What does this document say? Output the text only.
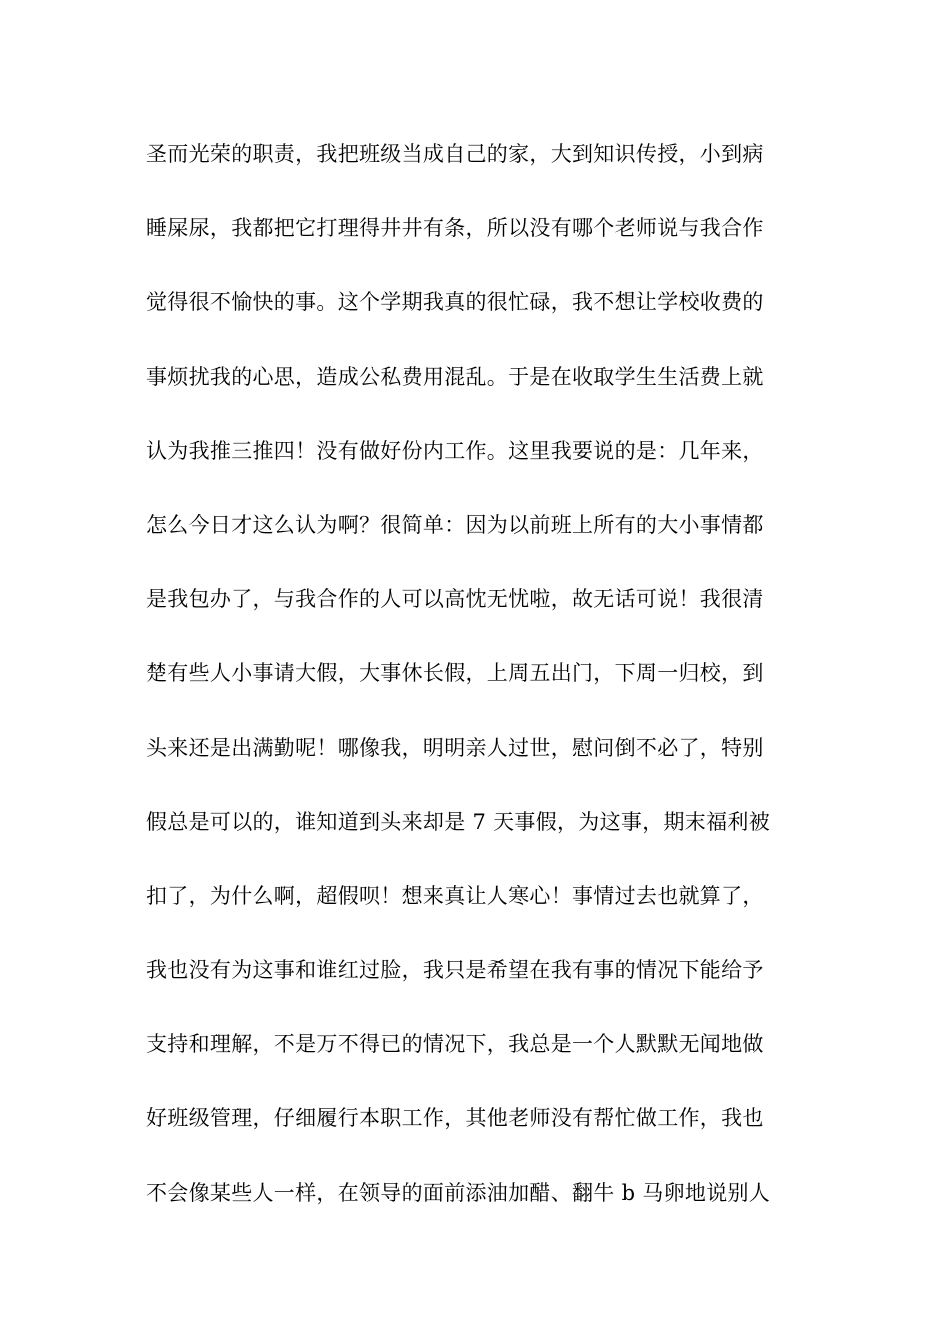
圣而光荣的职责，我把班级当成自己的家，大到知识传授，小到病
睡屎尿，我都把它打理得井井有条，所以没有哪个老师说与我合作
觉得很不愉快的事。这个学期我真的很忙碌，我不想让学校收费的
事烦扰我的心思，造成公私费用混乱。于是在收取学生生活费上就
认为我推三推四！没有做好份内工作。这里我要说的是：几年来，
怎么今日才这么认为啊？很简单：因为以前班上所有的大小事情都
是我包办了，与我合作的人可以高忱无忧啦，故无话可说！我很清
楚有些人小事请大假，大事休长假，上周五出门，下周一归校，到
头来还是出满勤呢！哪像我，明明亲人过世，慰问倒不必了，特别
假总是可以的，谁知道到头来却是 7 天事假，为这事，期末福利被
扣了，为什么啊，超假呗！想来真让人寒心！事情过去也就算了，
我也没有为这事和谁红过脸，我只是希望在我有事的情况下能给予
支持和理解，不是万不得已的情况下，我总是一个人默默无闻地做
好班级管理，仔细履行本职工作，其他老师没有帮忙做工作，我也
不会像某些人一样，在领导的面前添油加醋、翻牛 b 马卵地说别人
